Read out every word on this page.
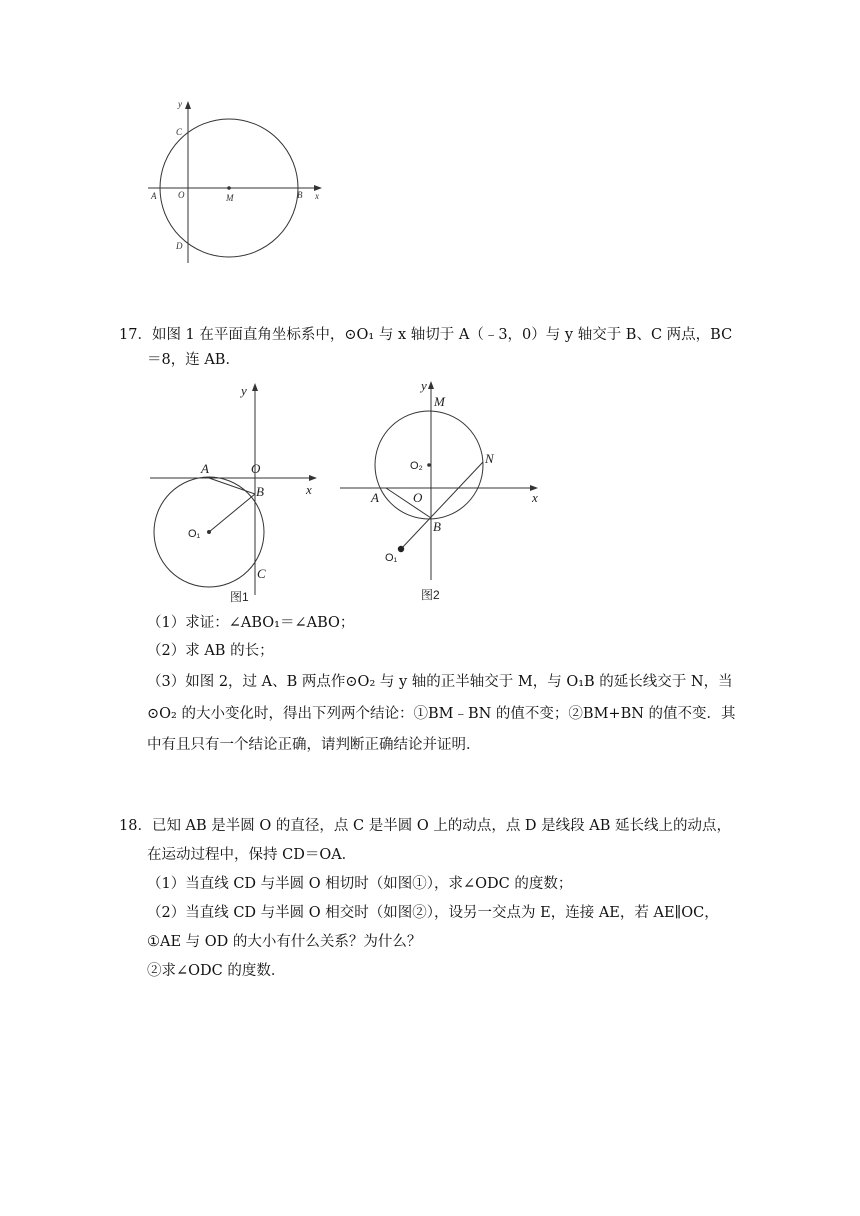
y
C
A O	M	B x
D
17．如图 1 在平面直角坐标系中，⊙O₁ 与 x 轴切于 A（﹣3，0）与 y 轴交于 B、C 两点，BC
＝8，连 AB．
y
A	O
x
B
O₁
C
图1
y
M
N
O₂
A	O	x
B
O₁
图2
（1）求证：∠ABO₁＝∠ABO；
（2）求 AB 的长；
（3）如图 2，过 A、B 两点作⊙O₂ 与 y 轴的正半轴交于 M，与 O₁B 的延长线交于 N，当
⊙O₂ 的大小变化时，得出下列两个结论：①BM﹣BN 的值不变；②BM+BN 的值不变．其
中有且只有一个结论正确，请判断正确结论并证明．
18．已知 AB 是半圆 O 的直径，点 C 是半圆 O 上的动点，点 D 是线段 AB 延长线上的动点，
在运动过程中，保持 CD＝OA．
（1）当直线 CD 与半圆 O 相切时（如图①），求∠ODC 的度数；
（2）当直线 CD 与半圆 O 相交时（如图②），设另一交点为 E，连接 AE，若 AE∥OC，
①AE 与 OD 的大小有什么关系？为什么？
②求∠ODC 的度数．
